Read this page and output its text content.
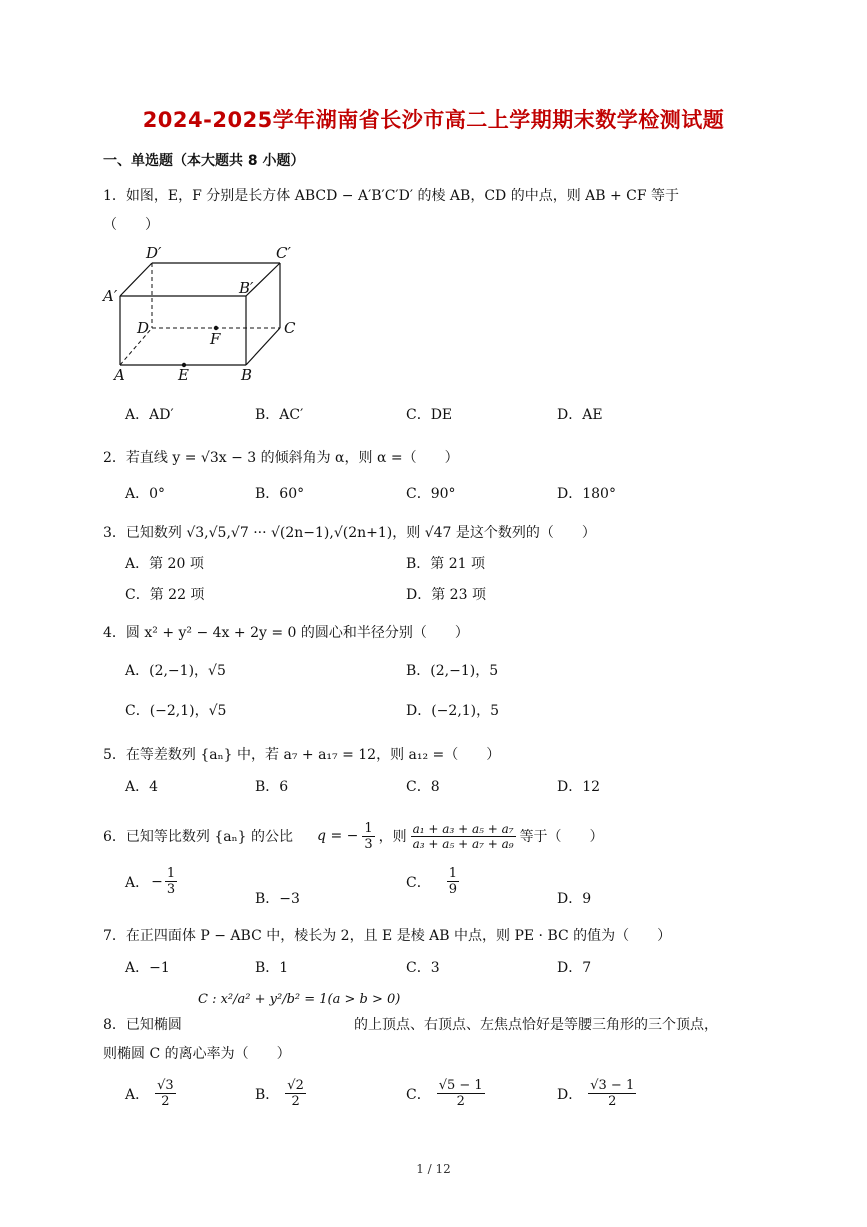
2024-2025学年湖南省长沙市高二上学期期末数学检测试题
一、单选题（本大题共 8 小题）
1．如图，E，F 分别是长方体 ABCD − A′B′C′D′ 的棱 AB，CD 的中点，则 AB + CF 等于
（　　）
D′	C′
A′	B′
D	C
F
A	E	B
A．AD′	B．AC′	C．DE	D．AE
2．若直线 y = √3x − 3 的倾斜角为 α，则 α =（　　）
A．0°	B．60°	C．90°	D．180°
3．已知数列 √3,√5,√7 ··· √(2n−1),√(2n+1)，则 √47 是这个数列的（　　）
A．第 20 项	B．第 21 项
C．第 22 项	D．第 23 项
4．圆 x² + y² − 4x + 2y = 0 的圆心和半径分别（　　）
A．(2,−1)，√5	B．(2,−1)，5
C．(−2,1)，√5	D．(−2,1)，5
5．在等差数列 {aₙ} 中，若 a₇ + a₁₇ = 12，则 a₁₂ =（　　）
A．4	B．6	C．8	D．12
6．已知等比数列 {aₙ} 的公比 q = − $\frac{1}{3}$ ，则 $\frac{\text{a₁ + a₃ + a₅ + a₇}}{\text{a₃ + a₅ + a₇ + a₉}}$ 等于（　　）
A． − $\frac{1}{3}$
B．−3
C． $\frac{1}{9}$
D．9
7．在正四面体 P − ABC 中，棱长为 2，且 E 是棱 AB 中点，则 PE · BC 的值为（　　）
A．−1	B．1	C．3	D．7
8．已知椭圆
C : x²/a² + y²/b² = 1(a > b > 0)
的上顶点、右顶点、左焦点恰好是等腰三角形的三个顶点，
则椭圆 C 的离心率为（　　）
A． $\frac{√3}{2}$	B． $\frac{√2}{2}$	C． $\frac{√5 - 1}{2}$	D． $\frac{√3 - 1}{2}$
1 / 12
